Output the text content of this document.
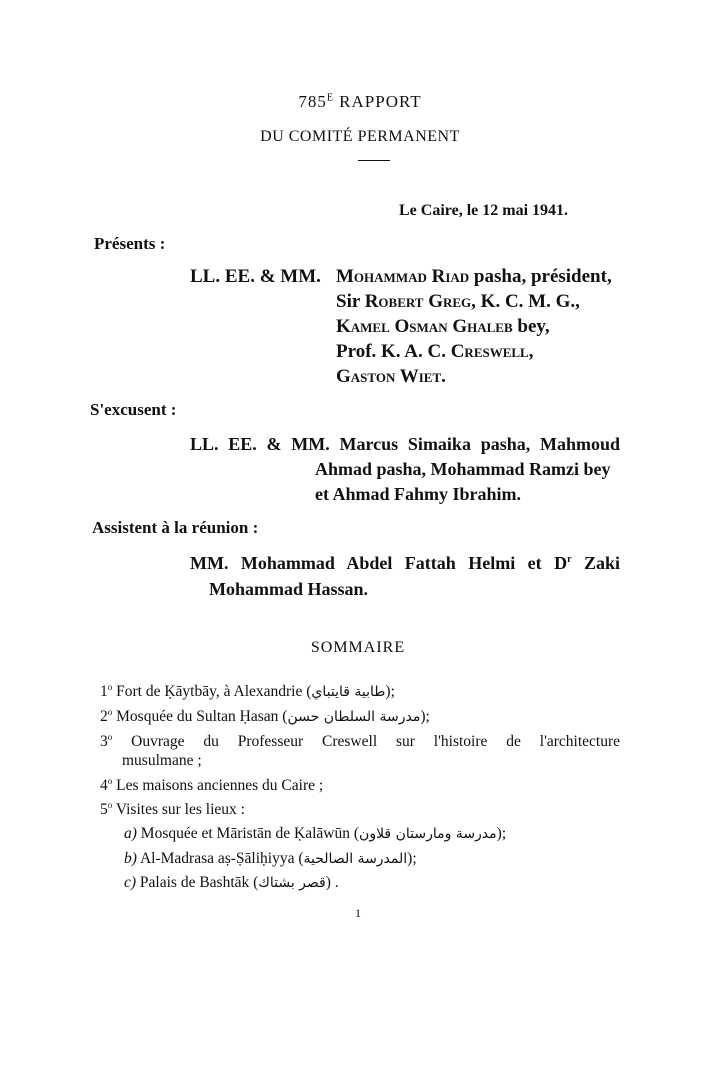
$785^E$ RAPPORT
DU COMITÉ PERMANENT
Le Caire, le 12 mai 1941.
Présents :
LL. EE. & MM. Mohammad Riad pasha, président,
Sir Robert Greg, K. C. M. G.,
Kamel Osman Ghaleb bey,
Prof. K. A. C. Creswell,
Gaston Wiet.
S'excusent :
LL. EE. & MM. Marcus Simaika pasha, Mahmoud
Ahmad pasha, Mohammad Ramzi bey
et Ahmad Fahmy Ibrahim.
Assistent à la réunion :
MM. Mohammad Abdel Fattah Helmi et $D^r$ Zaki
Mohammad Hassan.
SOMMAIRE
1$^o$ Fort de Ḳāytbāy, à Alexandrie (طابية قايتباي);
2$^o$ Mosquée du Sultan Ḥasan (مدرسة السلطان حسن);
3$^o$ Ouvrage du Professeur Creswell sur l'histoire de l'architecture
musulmane ;
4$^o$ Les maisons anciennes du Caire ;
5$^o$ Visites sur les lieux :
a) Mosquée et Māristān de Ḳalāwūn (مدرسة ومارستان قلاون);
b) Al-Madrasa aṣ-Ṣāliḥiyya (المدرسة الصالحية);
c) Palais de Bashtāk (قصر بشتاك) .
1
